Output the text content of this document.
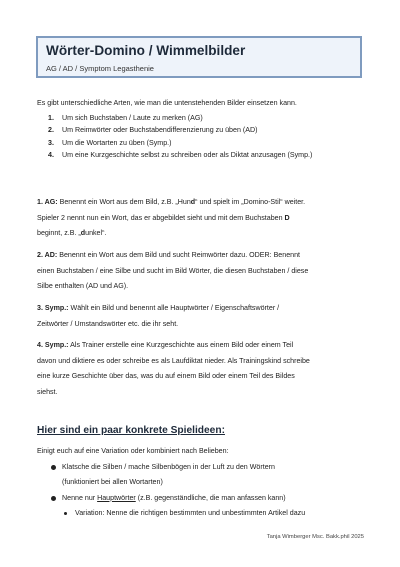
Wörter-Domino / Wimmelbilder
AG / AD / Symptom Legasthenie
Es gibt unterschiedliche Arten, wie man die untenstehenden Bilder einsetzen kann.
1. Um sich Buchstaben / Laute zu merken (AG)
2. Um Reimwörter oder Buchstabendifferenzierung zu üben (AD)
3. Um die Wortarten zu üben (Symp.)
4. Um eine Kurzgeschichte selbst zu schreiben oder als Diktat anzusagen (Symp.)
1. AG: Benennt ein Wort aus dem Bild, z.B. „Hund“ und spielt im „Domino-Stil“ weiter.
Spieler 2 nennt nun ein Wort, das er abgebildet sieht und mit dem Buchstaben D
beginnt, z.B. „dunkel“.
2. AD: Benennt ein Wort aus dem Bild und sucht Reimwörter dazu. ODER: Benennt
einen Buchstaben / eine Silbe und sucht im Bild Wörter, die diesen Buchstaben / diese
Silbe enthalten (AD und AG).
3. Symp.: Wählt ein Bild und benennt alle Hauptwörter / Eigenschaftswörter /
Zeitwörter / Umstandswörter etc. die ihr seht.
4. Symp.: Als Trainer erstelle eine Kurzgeschichte aus einem Bild oder einem Teil
davon und diktiere es oder schreibe es als Laufdiktat nieder. Als Trainingskind schreibe
eine kurze Geschichte über das, was du auf einem Bild oder einem Teil des Bildes
siehst.
Hier sind ein paar konkrete Spielideen:
Einigt euch auf eine Variation oder kombiniert nach Belieben:
Klatsche die Silben / mache Silbenbögen in der Luft zu den Wörtern
(funktioniert bei allen Wortarten)
Nenne nur Hauptwörter (z.B. gegenständliche, die man anfassen kann)
Variation: Nenne die richtigen bestimmten und unbestimmten Artikel dazu
Tanja Wimberger Msc. Bakk.phil 2025
